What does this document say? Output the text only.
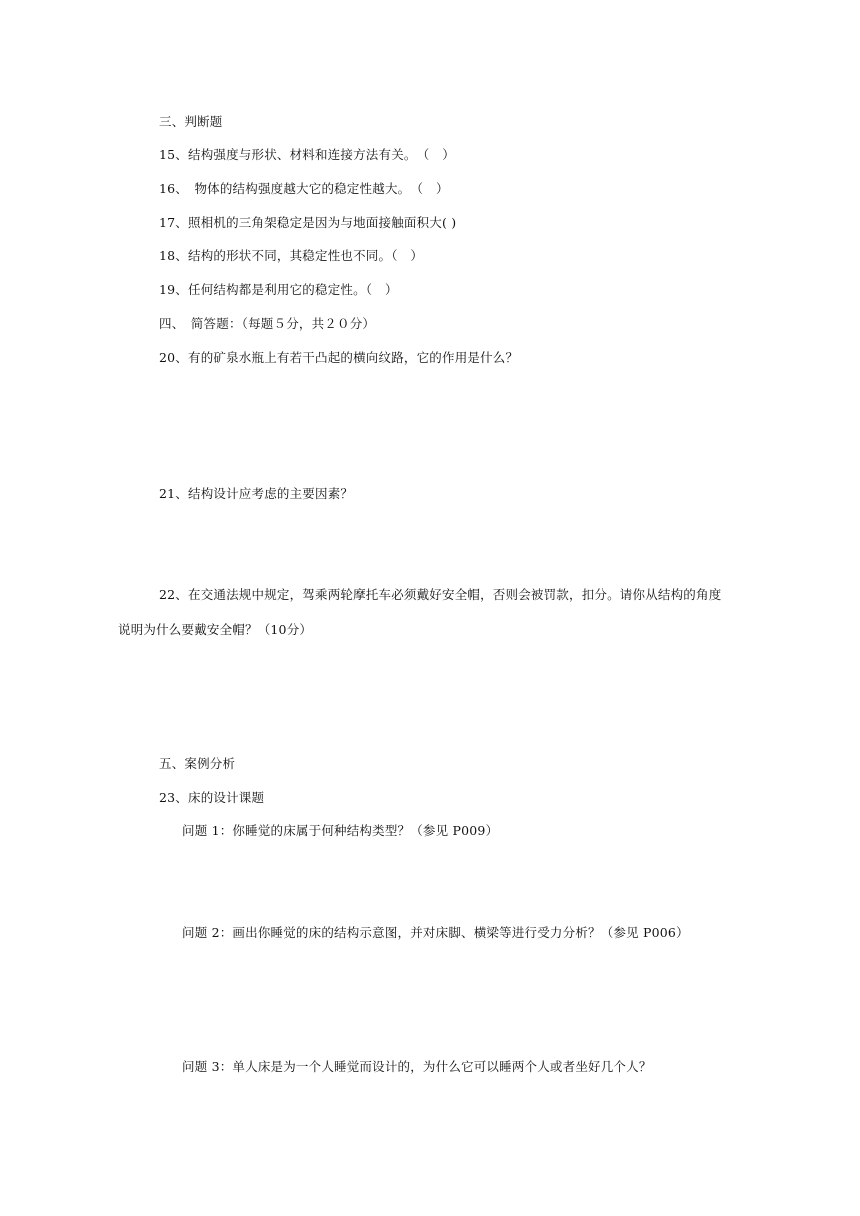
三、判断题
15、结构强度与形状、材料和连接方法有关。　（　）
16、　物体的结构强度越大它的稳定性越大。　（　）
17、照相机的三角架稳定是因为与地面接触面积大( )
18、结构的形状不同，其稳定性也不同。（　）
19、任何结构都是利用它的稳定性。（　）
四、　简答题：（每题５分，共２０分）
20、有的矿泉水瓶上有若干凸起的横向纹路，它的作用是什么？
21、结构设计应考虑的主要因素？
22、在交通法规中规定，驾乘两轮摩托车必须戴好安全帽，否则会被罚款，扣分。请你从结构的角度
说明为什么要戴安全帽？（10分）
五、案例分析
23、床的设计课题
问题 1：你睡觉的床属于何种结构类型？（参见 P009）
问题 2：画出你睡觉的床的结构示意图，并对床脚、横梁等进行受力分析？（参见 P006）
问题 3：单人床是为一个人睡觉而设计的，为什么它可以睡两个人或者坐好几个人？
